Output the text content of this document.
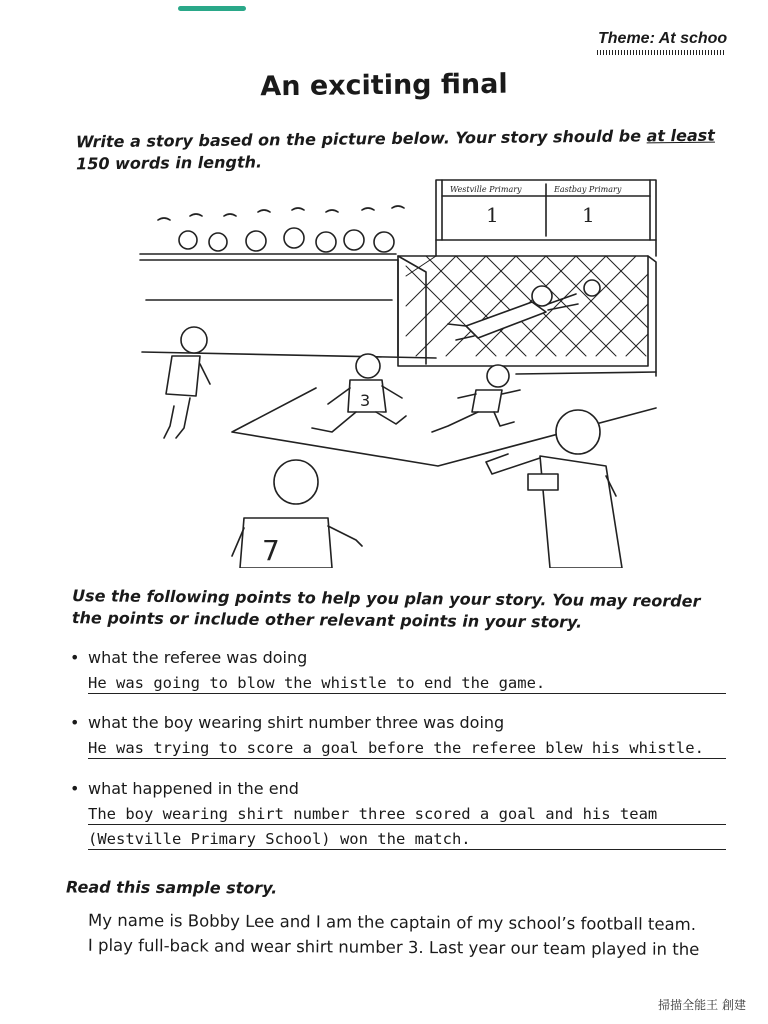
Theme: At schoo
An exciting final
Write a story based on the picture below. Your story should be at least 150 words in length.
Westville Primary	Eastbay Primary
1	1
3
7
Use the following points to help you plan your story. You may reorder the points or include other relevant points in your story.
• what the referee was doing
He was going to blow the whistle to end the game.
• what the boy wearing shirt number three was doing
He was trying to score a goal before the referee blew his whistle.
• what happened in the end
The boy wearing shirt number three scored a goal and his team
(Westville Primary School) won the match.
Read this sample story.
My name is Bobby Lee and I am the captain of my school’s football team.
I play full-back and wear shirt number 3. Last year our team played in the
掃描全能王 創建
